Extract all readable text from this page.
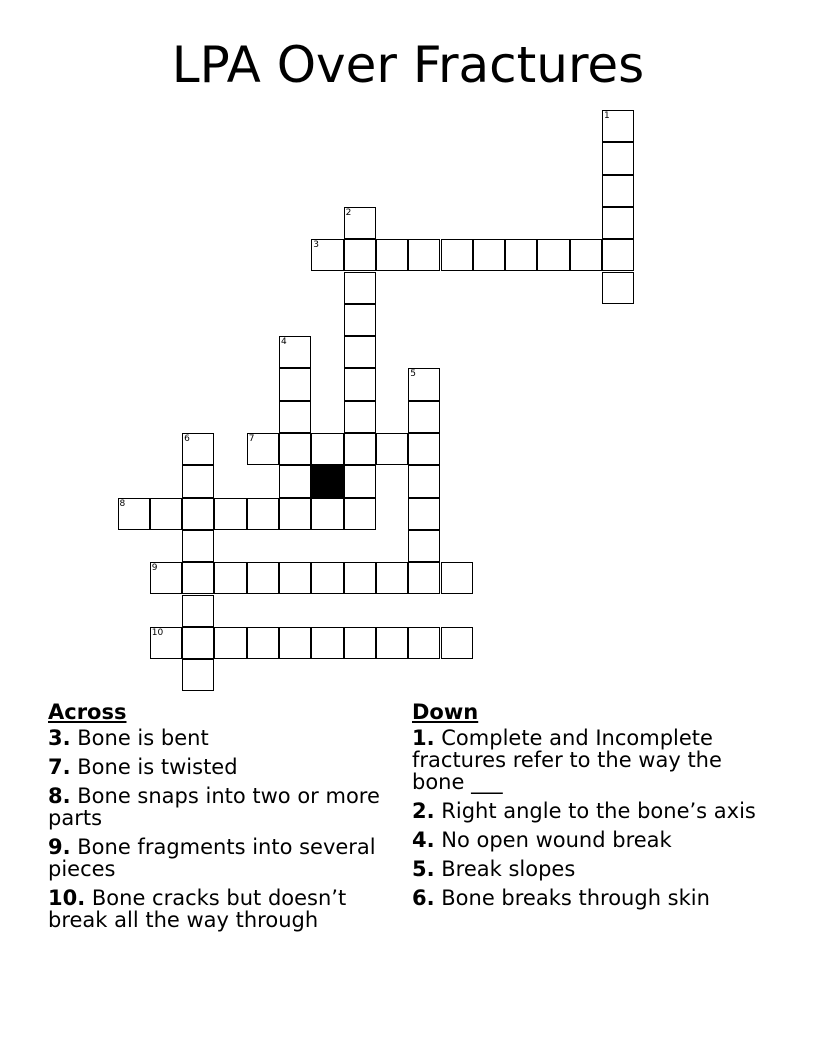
LPA Over Fractures
1
2
3
4
5
6	7
8
9
10
Across
3. Bone is bent
7. Bone is twisted
8. Bone snaps into two or more parts
9. Bone fragments into several pieces
10. Bone cracks but doesn’t break all the way through
Down
1. Complete and Incomplete fractures refer to the way the bone ___
2. Right angle to the bone’s axis
4. No open wound break
5. Break slopes
6. Bone breaks through skin
